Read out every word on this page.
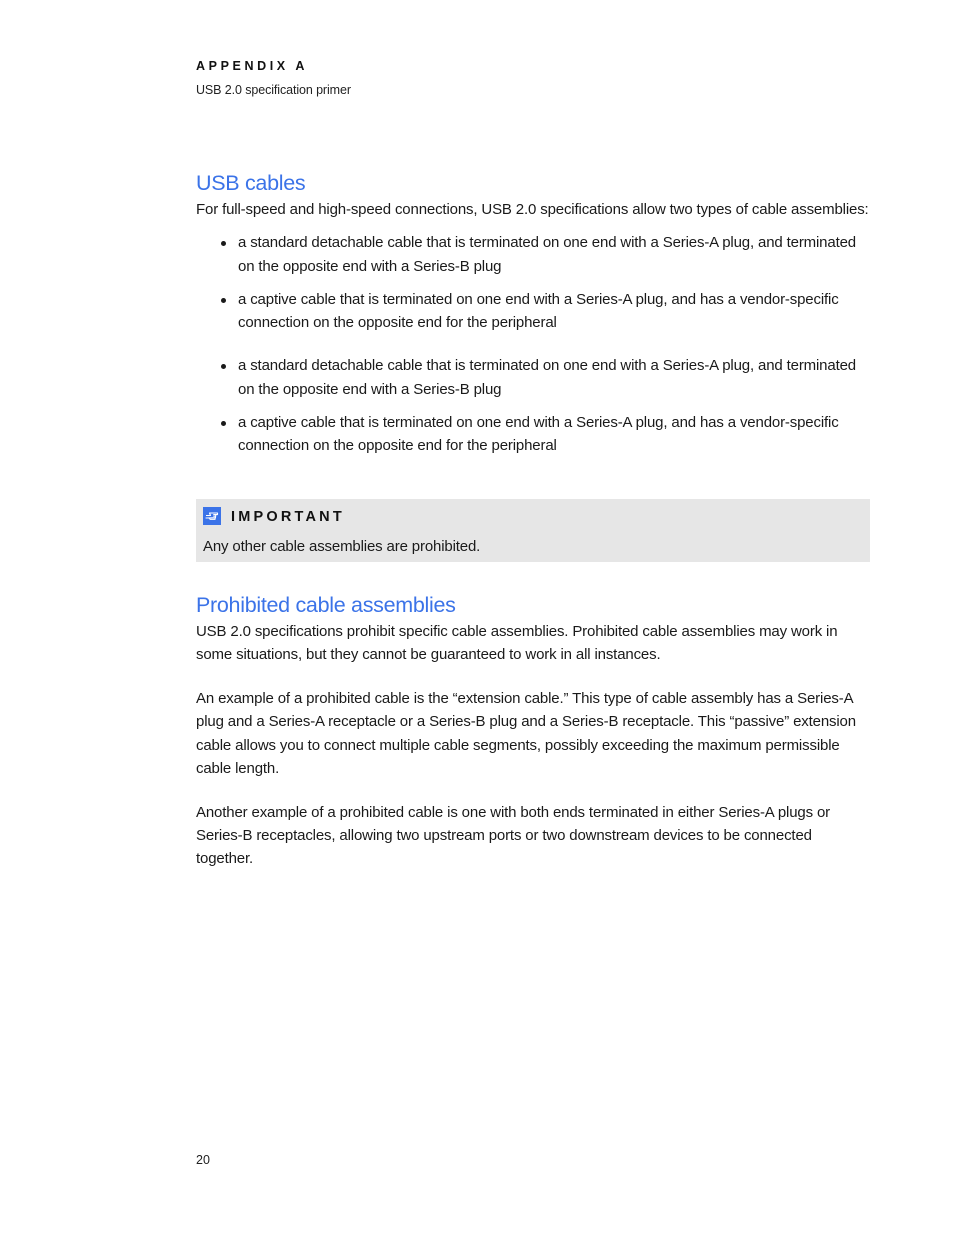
APPENDIX A
USB 2.0 specification primer
USB cables

For full-speed and high-speed connections, USB 2.0 specifications allow two types of cable assemblies:

a standard detachable cable that is terminated on one end with a Series-A plug, and terminated on the opposite end with a Series-B plug
a captive cable that is terminated on one end with a Series-A plug, and has a vendor-specific connection on the opposite end for the peripheral
a standard detachable cable that is terminated on one end with a Series-A plug, and terminated on the opposite end with a Series-B plug
a captive cable that is terminated on one end with a Series-A plug, and has a vendor-specific connection on the opposite end for the peripheral
IMPORTANT
Any other cable assemblies are prohibited.
Prohibited cable assemblies

USB 2.0 specifications prohibit specific cable assemblies. Prohibited cable assemblies may work in some situations, but they cannot be guaranteed to work in all instances.

An example of a prohibited cable is the “extension cable.” This type of cable assembly has a Series-A plug and a Series-A receptacle or a Series-B plug and a Series-B receptacle. This “passive” extension cable allows you to connect multiple cable segments, possibly exceeding the maximum permissible cable length.

Another example of a prohibited cable is one with both ends terminated in either Series-A plugs or Series-B receptacles, allowing two upstream ports or two downstream devices to be connected together.

20
